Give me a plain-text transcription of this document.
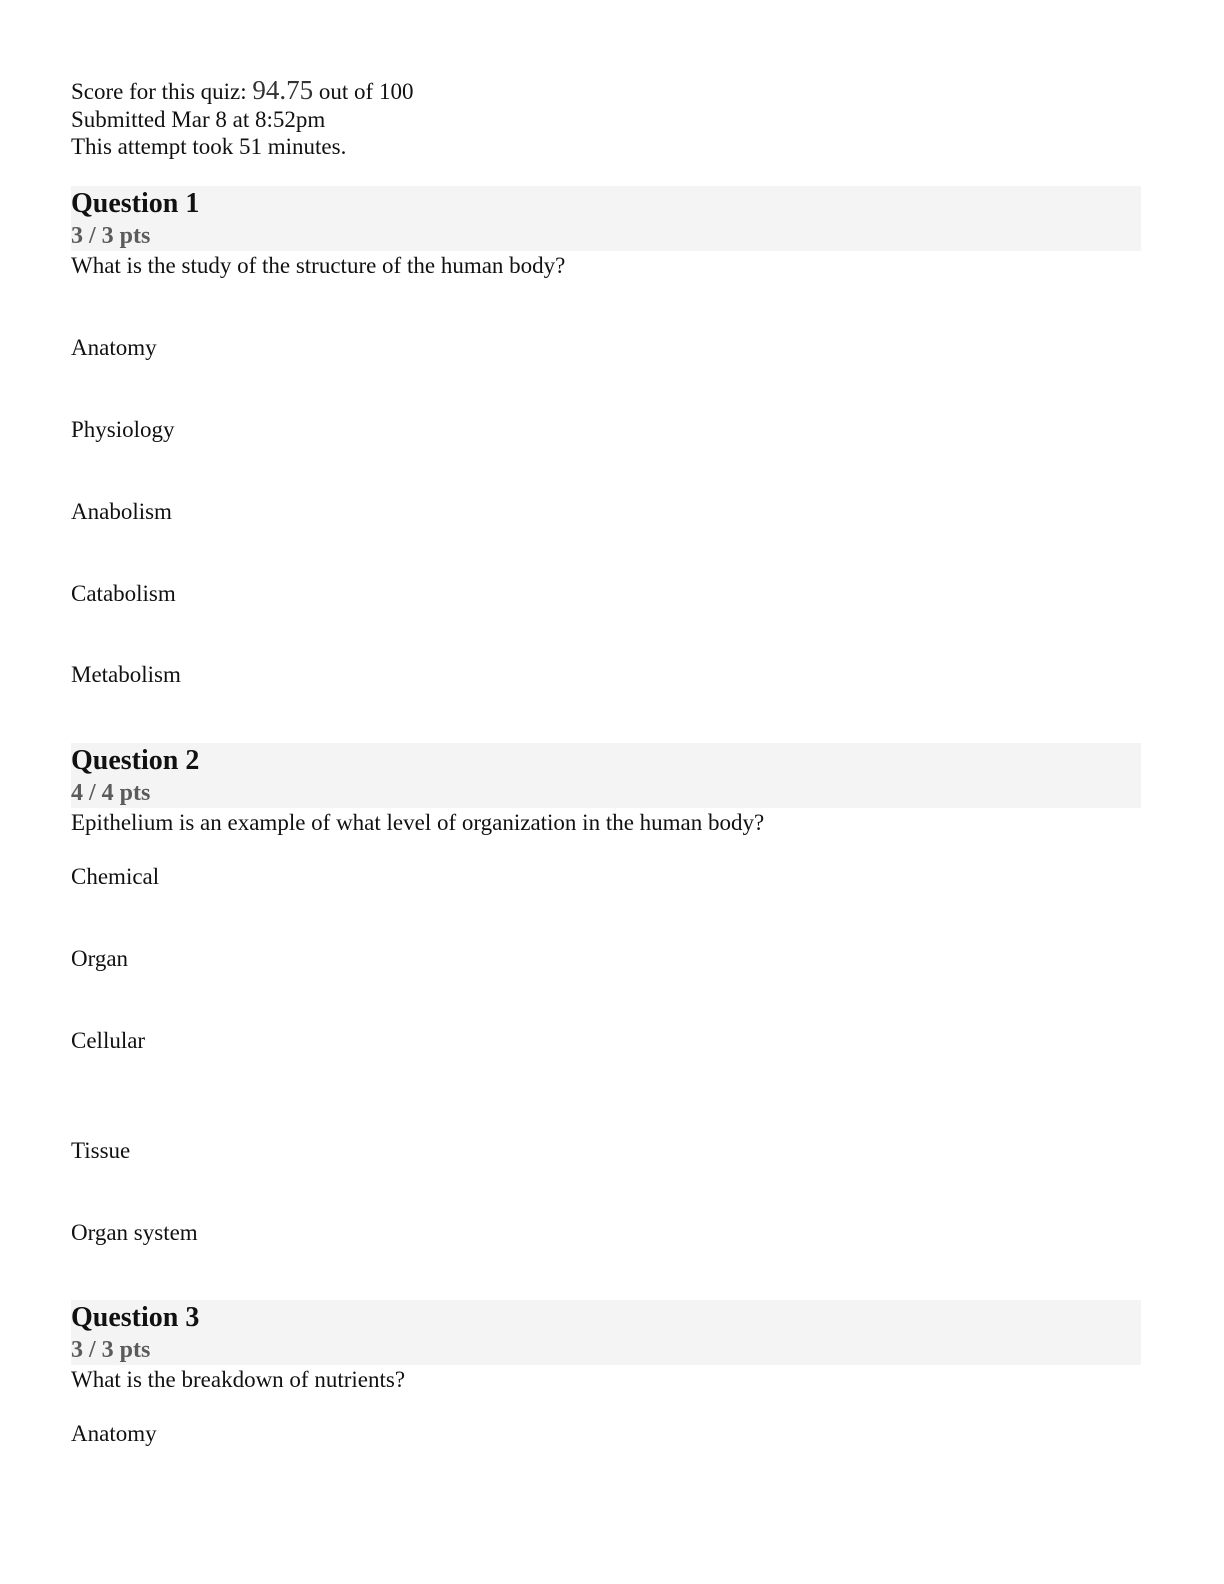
Score for this quiz: 94.75 out of 100
Submitted Mar 8 at 8:52pm
This attempt took 51 minutes.
Question 1
3 / 3 pts
What is the study of the structure of the human body?
Anatomy
Physiology
Anabolism
Catabolism
Metabolism
Question 2
4 / 4 pts
Epithelium is an example of what level of organization in the human body?
Chemical
Organ
Cellular
Tissue
Organ system
Question 3
3 / 3 pts
What is the breakdown of nutrients?
Anatomy
